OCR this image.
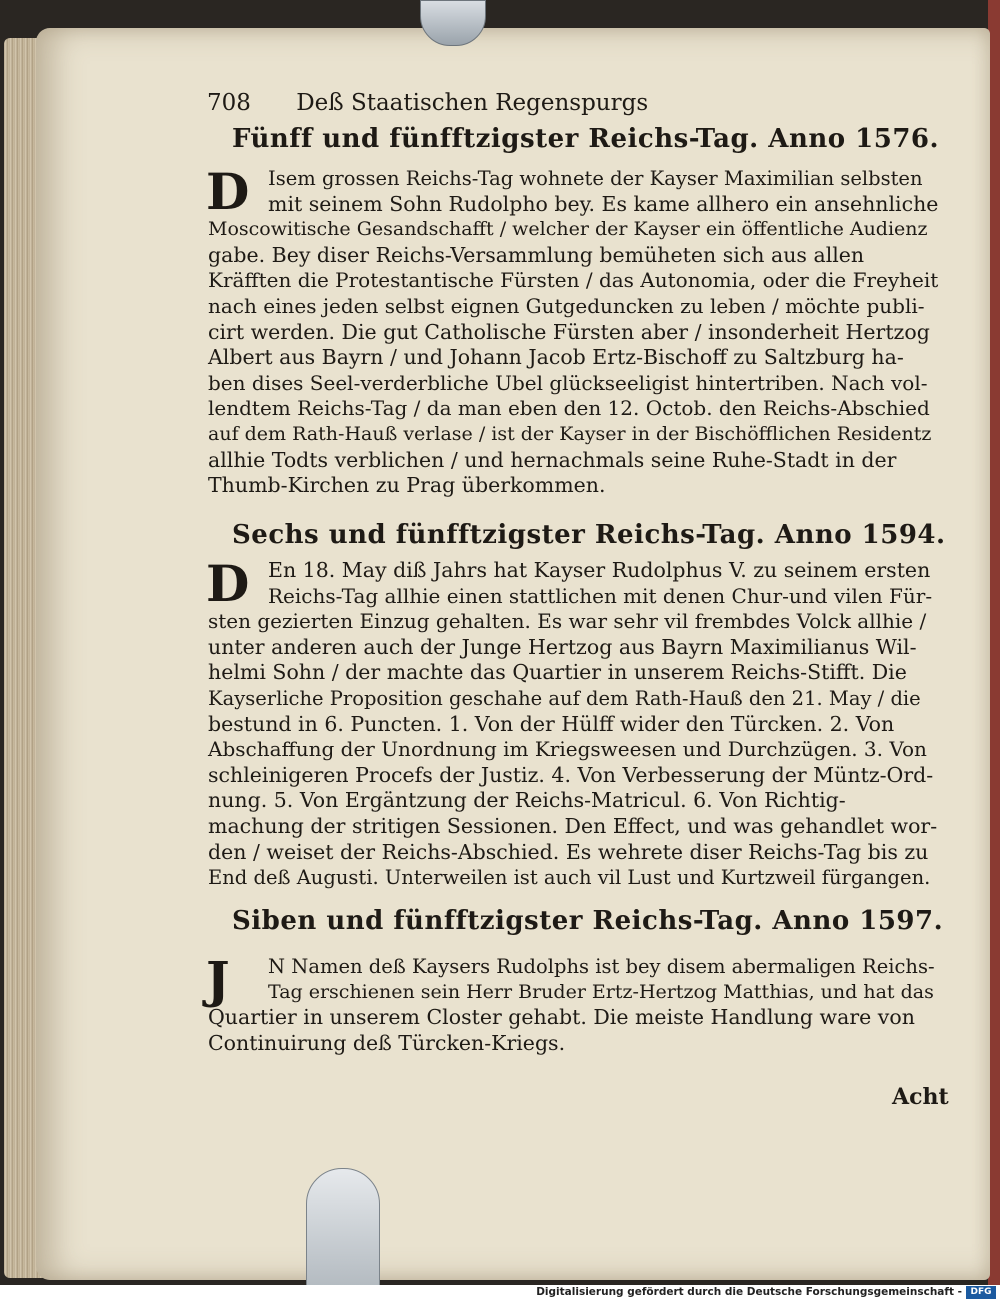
708 Deß Staatischen Regenspurgs
Fünff und fünfftzigster Reichs-Tag. Anno 1576.
D Isem grossen Reichs-Tag wohnete der Kayser Maximilian selbsten
mit seinem Sohn Rudolpho bey. Es kame allhero ein ansehnliche
Moscowitische Gesandschafft / welcher der Kayser ein öffentliche Audienz
gabe. Bey diser Reichs-Versammlung bemüheten sich aus allen
Kräfften die Protestantische Fürsten / das Autonomia, oder die Freyheit
nach eines jeden selbst eignen Gutgeduncken zu leben / möchte publi-
cirt werden. Die gut Catholische Fürsten aber / insonderheit Hertzog
Albert aus Bayrn / und Johann Jacob Ertz-Bischoff zu Saltzburg ha-
ben dises Seel-verderbliche Ubel glückseeligist hintertriben. Nach vol-
lendtem Reichs-Tag / da man eben den 12. Octob. den Reichs-Abschied
auf dem Rath-Hauß verlase / ist der Kayser in der Bischöfflichen Residentz
allhie Todts verblichen / und hernachmals seine Ruhe-Stadt in der
Thumb-Kirchen zu Prag überkommen.
Sechs und fünfftzigster Reichs-Tag. Anno 1594.
D En 18. May diß Jahrs hat Kayser Rudolphus V. zu seinem ersten
Reichs-Tag allhie einen stattlichen mit denen Chur-und vilen Für-
sten gezierten Einzug gehalten. Es war sehr vil frembdes Volck allhie /
unter anderen auch der Junge Hertzog aus Bayrn Maximilianus Wil-
helmi Sohn / der machte das Quartier in unserem Reichs-Stifft. Die
Kayserliche Proposition geschahe auf dem Rath-Hauß den 21. May / die
bestund in 6. Puncten. 1. Von der Hülff wider den Türcken. 2. Von
Abschaffung der Unordnung im Kriegsweesen und Durchzügen. 3. Von
schleinigeren Procefs der Justiz. 4. Von Verbesserung der Müntz-Ord-
nung. 5. Von Ergäntzung der Reichs-Matricul. 6. Von Richtig-
machung der stritigen Sessionen. Den Effect, und was gehandlet wor-
den / weiset der Reichs-Abschied. Es wehrete diser Reichs-Tag bis zu
End deß Augusti. Unterweilen ist auch vil Lust und Kurtzweil fürgangen.
Siben und fünfftzigster Reichs-Tag. Anno 1597.
J	N Namen deß Kaysers Rudolphs ist bey disem abermaligen Reichs-
Tag erschienen sein Herr Bruder Ertz-Hertzog Matthias, und hat das
Quartier in unserem Closter gehabt. Die meiste Handlung ware von
Continuirung deß Türcken-Kriegs.
Acht
Digitalisierung gefördert durch die Deutsche Forschungsgemeinschaft - DFG
